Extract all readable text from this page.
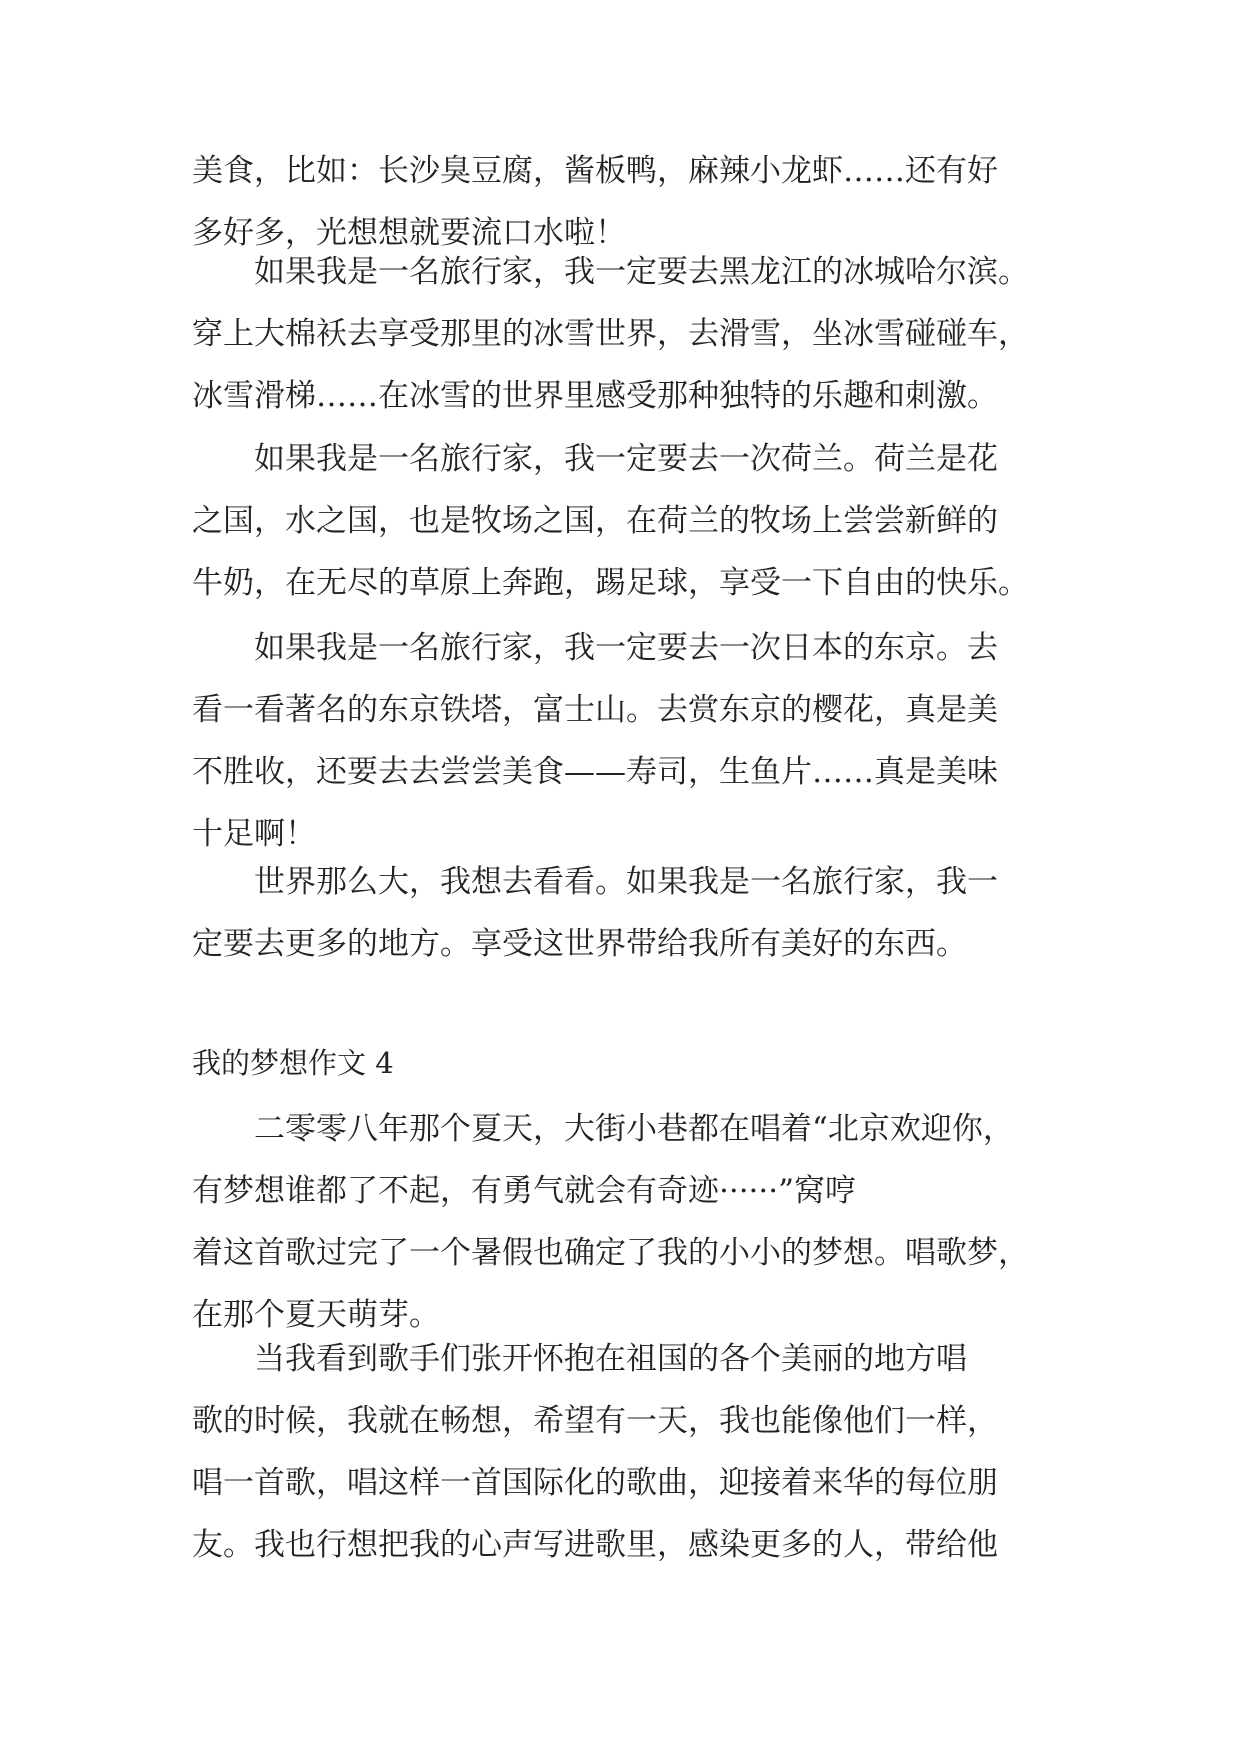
美食，比如：长沙臭豆腐，酱板鸭，麻辣小龙虾……还有好
多好多，光想想就要流口水啦！
如果我是一名旅行家，我一定要去黑龙江的冰城哈尔滨。
穿上大棉袄去享受那里的冰雪世界，去滑雪，坐冰雪碰碰车，
冰雪滑梯……在冰雪的世界里感受那种独特的乐趣和刺激。
如果我是一名旅行家，我一定要去一次荷兰。荷兰是花
之国，水之国，也是牧场之国，在荷兰的牧场上尝尝新鲜的
牛奶，在无尽的草原上奔跑，踢足球，享受一下自由的快乐。
如果我是一名旅行家，我一定要去一次日本的东京。去
看一看著名的东京铁塔，富士山。去赏东京的樱花，真是美
不胜收，还要去去尝尝美食——寿司，生鱼片……真是美味
十足啊！
世界那么大，我想去看看。如果我是一名旅行家，我一
定要去更多的地方。享受这世界带给我所有美好的东西。
我的梦想作文 4
二零零八年那个夏天，大街小巷都在唱着“北京欢迎你，
有梦想谁都了不起，有勇气就会有奇迹······”窝哼
着这首歌过完了一个暑假也确定了我的小小的梦想。唱歌梦，
在那个夏天萌芽。
当我看到歌手们张开怀抱在祖国的各个美丽的地方唱
歌的时候，我就在畅想，希望有一天，我也能像他们一样，
唱一首歌，唱这样一首国际化的歌曲，迎接着来华的每位朋
友。我也行想把我的心声写进歌里，感染更多的人，带给他
